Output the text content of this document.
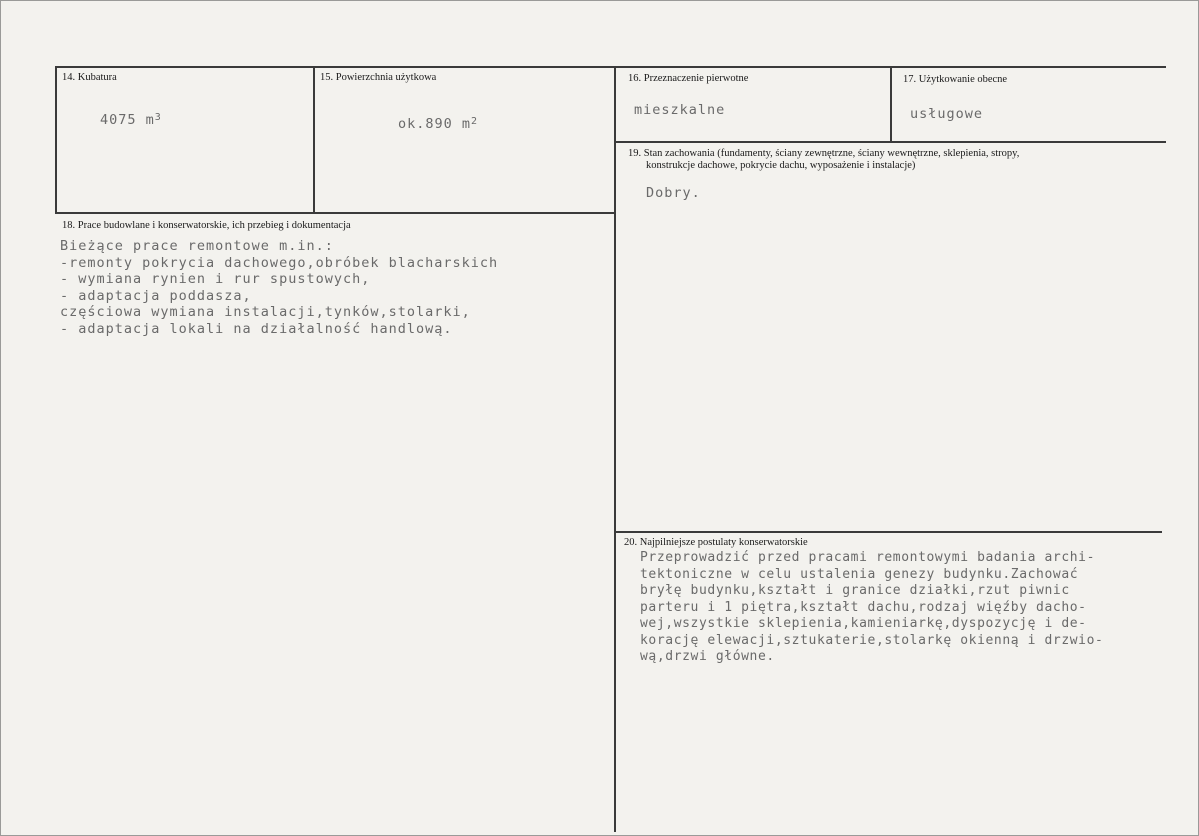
14. Kubatura
4075 $m^3$
15. Powierzchnia użytkowa
ok.890 $m^2$
16. Przeznaczenie pierwotne
mieszkalne
17. Użytkowanie obecne
usługowe
19. Stan zachowania (fundamenty, ściany zewnętrzne, ściany wewnętrzne, sklepienia, stropy,
konstrukcje dachowe, pokrycie dachu, wyposażenie i instalacje)
Dobry.
18. Prace budowlane i konserwatorskie, ich przebieg i dokumentacja
Bieżące prace remontowe m.in.:
-remonty pokrycia dachowego,obróbek blacharskich
- wymiana rynien i rur spustowych,
- adaptacja poddasza,
częściowa wymiana instalacji,tynków,stolarki,
- adaptacja lokali na działalność handlową.
20. Najpilniejsze postulaty konserwatorskie
Przeprowadzić przed pracami remontowymi badania archi-
tektoniczne w celu ustalenia genezy budynku.Zachować
bryłę budynku,kształt i granice działki,rzut piwnic
parteru i 1 piętra,kształt dachu,rodzaj więźby dacho-
wej,wszystkie sklepienia,kamieniarkę,dyspozycję i de-
korację elewacji,sztukaterie,stolarkę okienną i drzwio-
wą,drzwi główne.
